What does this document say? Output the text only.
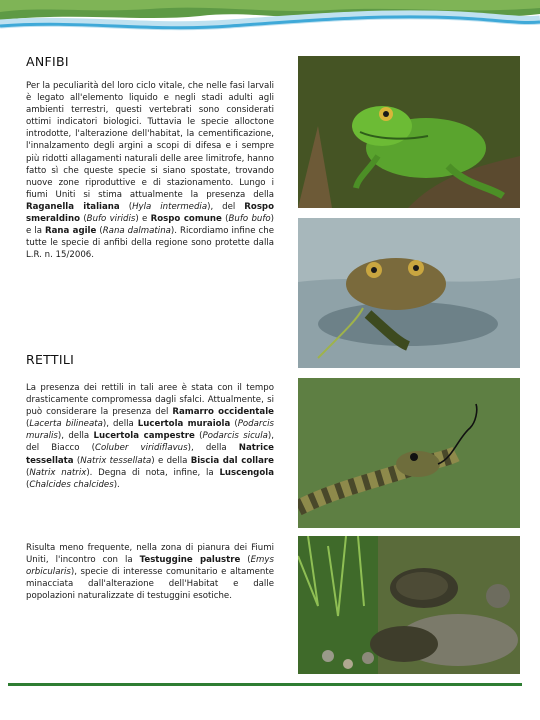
ANFIBI

Per la peculiarità del loro ciclo vitale, che nelle fasi larvali è legato all'elemento liquido e negli stadi adulti agli ambienti terrestri, questi vertebrati sono considerati ottimi indicatori biologici. Tuttavia le specie alloctone introdotte, l'alterazione dell'habitat, la cementificazione, l'innalzamento degli argini a scopi di difesa e i sempre più ridotti allagamenti naturali delle aree limitrofe, hanno fatto sì che queste specie si siano spostate, trovando nuove zone riproduttive e di stazionamento. Lungo i fiumi Uniti si stima attualmente la presenza della Raganella italiana (Hyla intermedia), del Rospo smeraldino (Bufo viridis) e Rospo comune (Bufo bufo) e la Rana agile (Rana dalmatina). Ricordiamo infine che tutte le specie di anfibi della regione sono protette dalla L.R. n. 15/2006.

RETTILI

La presenza dei rettili in tali aree è stata con il tempo drasticamente compromessa dagli sfalci. Attualmente, si può considerare la presenza del Ramarro occidentale (Lacerta bilineata), della Lucertola muraiola (Podarcis muralis), della Lucertola campestre (Podarcis sicula), del Biacco (Coluber viridiflavus), della Natrice tessellata (Natrix tessellata) e della Biscia dal collare (Natrix natrix). Degna di nota, infine, la Luscengola (Chalcides chalcides).

Risulta meno frequente, nella zona di pianura dei Fiumi Uniti, l'incontro con la Testuggine palustre (Emys orbicularis), specie di interesse comunitario e altamente minacciata dall'alterazione dell'Habitat e dalle popolazioni naturalizzate di testuggini esotiche.
